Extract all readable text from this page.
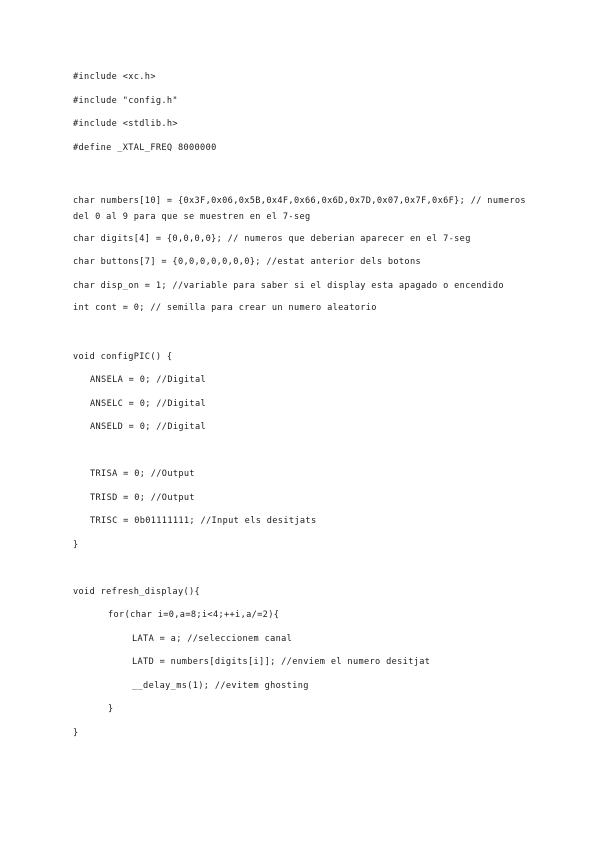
#include <xc.h>
#include "config.h"
#include <stdlib.h>
#define _XTAL_FREQ 8000000
char numbers[10] = {0x3F,0x06,0x5B,0x4F,0x66,0x6D,0x7D,0x07,0x7F,0x6F}; // numeros del 0 al 9 para que se muestren en el 7-seg
char digits[4] = {0,0,0,0}; // numeros que deberian aparecer en el 7-seg
char buttons[7] = {0,0,0,0,0,0,0}; //estat anterior dels botons
char disp_on = 1; //variable para saber si el display esta apagado o encendido
int cont = 0; // semilla para crear un numero aleatorio
void configPIC() {
ANSELA = 0; //Digital
ANSELC = 0; //Digital
ANSELD = 0; //Digital
TRISA = 0; //Output
TRISD = 0; //Output
TRISC = 0b01111111; //Input els desitjats
}
void refresh_display(){
for(char i=0,a=8;i<4;++i,a/=2){
LATA = a; //seleccionem canal
LATD = numbers[digits[i]]; //enviem el numero desitjat
__delay_ms(1); //evitem ghosting
}
}
